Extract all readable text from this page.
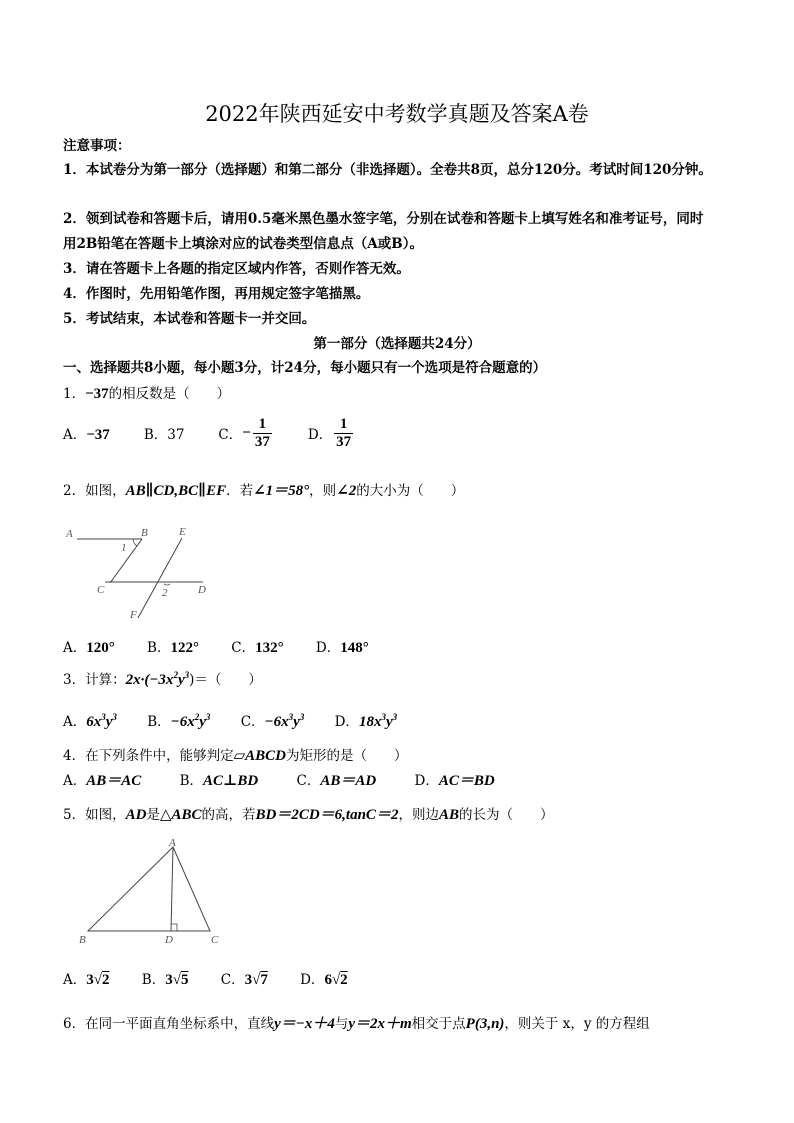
2022年陕西延安中考数学真题及答案A卷
注意事项：
1．本试卷分为第一部分（选择题）和第二部分（非选择题）。全卷共8页，总分120分。考试时间120分钟。
2．领到试卷和答题卡后，请用0.5毫米黑色墨水签字笔，分别在试卷和答题卡上填写姓名和准考证号，同时
用2B铅笔在答题卡上填涂对应的试卷类型信息点（A或B）。
3．请在答题卡上各题的指定区域内作答，否则作答无效。
4．作图时，先用铅笔作图，再用规定签字笔描黑。
5．考试结束，本试卷和答题卡一并交回。
第一部分（选择题共24分）
一、选择题共8小题，每小题3分，计24分，每小题只有一个选项是符合题意的）
1．−37的相反数是（　　）
A．−37	B．37	C． − $\frac{1}{37}$	D． $\frac{1}{37}$
2．如图，AB∥CD,BC∥EF．若∠1＝58°，则∠2的大小为（　　）
A	B	E
1
C	2	D
F
A．120° B．122° C．132° D．148°
3．计算：$2x\cdot(-3x^2y^3)=$（　　）
A．$6x^3y^3$ B．$-6x^2y^3$ C．$-6x^3y^3$ D．$18x^3y^3$
4．在下列条件中，能够判定▱ABCD为矩形的是（　　）
A．AB＝AC	B．AC⊥BD	C．AB＝AD	D．AC＝BD
5．如图，AD是△ABC的高，若BD＝2CD＝6,tanC＝2，则边AB的长为（　　）
A
B	D	C
A．3√2 B．3√5 C．3√7 D．6√2
6．在同一平面直角坐标系中，直线y＝−x＋4与y＝2x＋m相交于点P(3,n)，则关于 x，y 的方程组
